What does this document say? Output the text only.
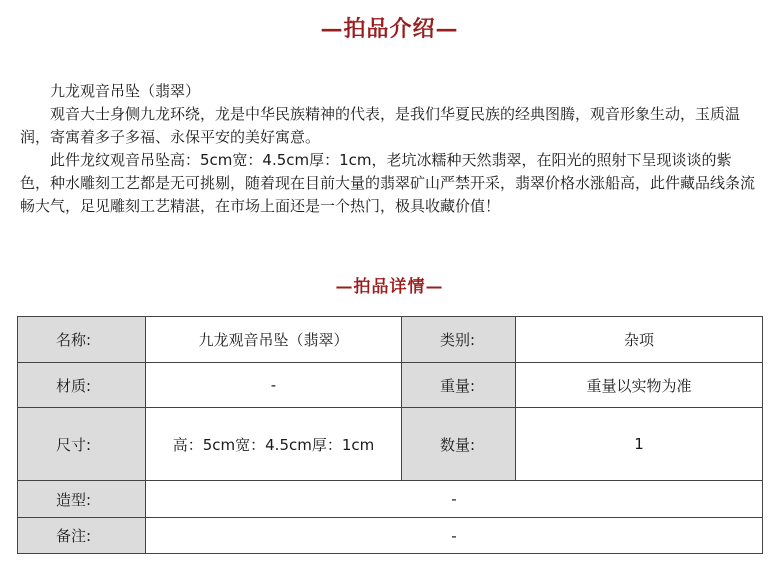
—拍品介绍—

九龙观音吊坠（翡翠）

观音大士身侧九龙环绕，龙是中华民族精神的代表，是我们华夏民族的经典图腾，观音形象生动，玉质温润，寄寓着多子多福、永保平安的美好寓意。

此件龙纹观音吊坠高：5cm宽：4.5cm厚：1cm，老坑冰糯种天然翡翠，在阳光的照射下呈现谈谈的紫色，种水雕刻工艺都是无可挑剔，随着现在目前大量的翡翠矿山严禁开采，翡翠价格水涨船高，此件藏品线条流畅大气，足见雕刻工艺精湛，在市场上面还是一个热门，极具收藏价值！

—拍品详情—
名称:	九龙观音吊坠（翡翠）	类别:	杂项
材质:	-	重量:	重量以实物为准
尺寸:	高：5cm宽：4.5cm厚：1cm	数量:	1
造型:	-		
备注:	-		
